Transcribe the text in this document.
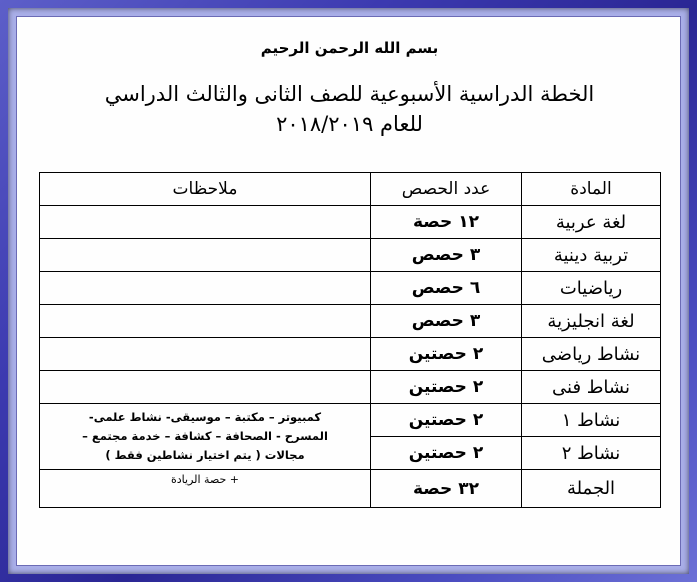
بسم الله الرحمن الرحيم
الخطة الدراسية الأسبوعية للصف الثانى والثالث الدراسي
للعام ٢٠١٨/٢٠١٩
المادة	عدد الحصص	ملاحظات
لغة عربية	١٢ حصة	
تربية دينية	٣ حصص	
رياضيات	٦ حصص	
لغة انجليزية	٣ حصص	
نشاط رياضى	٢ حصتين	
نشاط فنى	٢ حصتين	
نشاط ١	٢ حصتين	كمبيوتر – مكتبة – موسيقى- نشاط علمى-
المسرح - الصحافة – كشافة – خدمة مجتمع –
مجالات ( يتم اختيار نشاطين فقط )

نشاط ٢	٢ حصتين	
الجملة	٣٢ حصة	+ حصة الريادة
